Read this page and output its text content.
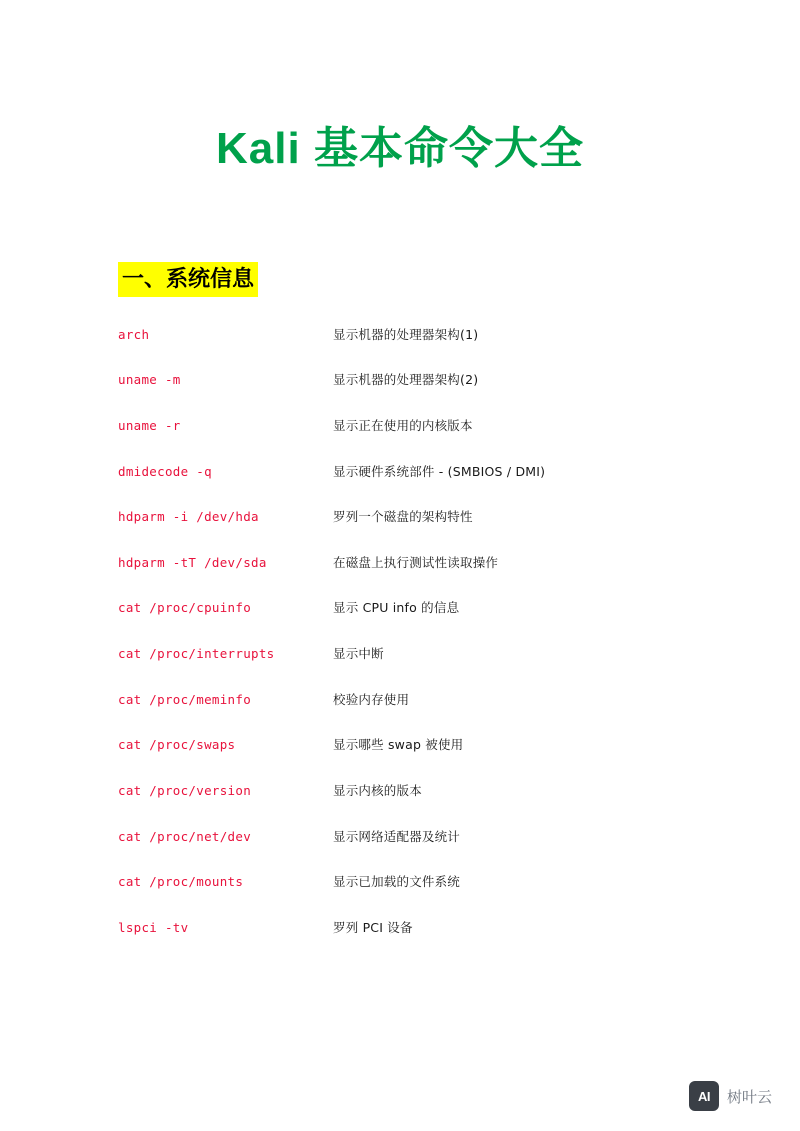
Kali 基本命令大全
一、系统信息
arch	显示机器的处理器架构(1)
uname -m	显示机器的处理器架构(2)
uname -r	显示正在使用的内核版本
dmidecode -q	显示硬件系统部件 - (SMBIOS / DMI)
hdparm -i /dev/hda	罗列一个磁盘的架构特性
hdparm -tT /dev/sda	在磁盘上执行测试性读取操作
cat /proc/cpuinfo	显示 CPU info 的信息
cat /proc/interrupts	显示中断
cat /proc/meminfo	校验内存使用
cat /proc/swaps	显示哪些 swap 被使用
cat /proc/version	显示内核的版本
cat /proc/net/dev	显示网络适配器及统计
cat /proc/mounts	显示已加载的文件系统
lspci -tv	罗列 PCI 设备
AI	树叶云
